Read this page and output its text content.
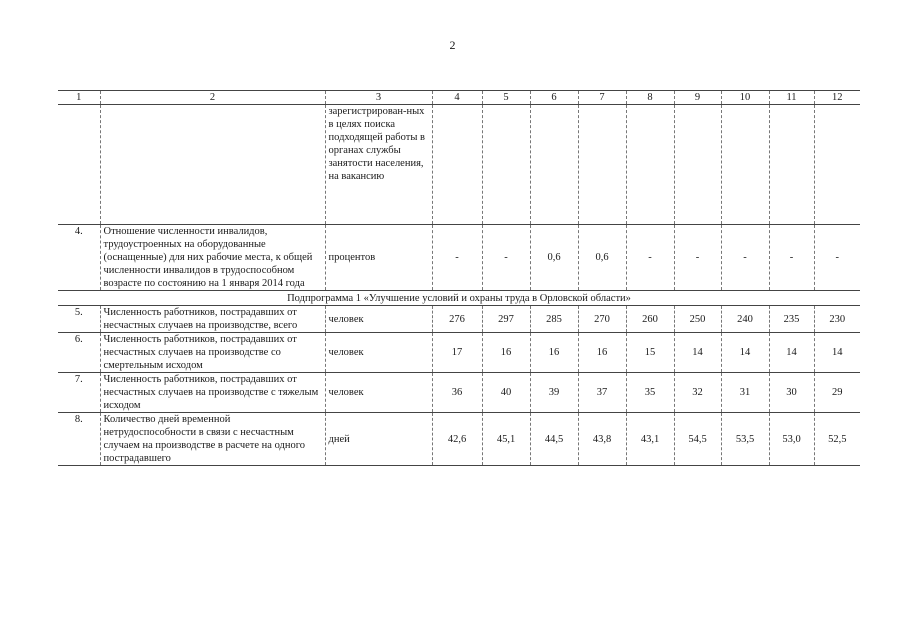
2
1	2	3	4	5	6	7	8	9	10	11	12
		зарегистрирован-ных в целях поиска подходящей работы в органах службы занятости населения, на вакансию									
4.	Отношение численности инвалидов, трудоустроенных на оборудованные (оснащенные) для них рабочие места, к общей численности инвалидов в трудоспособном возрасте по состоянию на 1 января 2014 года	процентов	-	-	0,6	0,6	-	-	-	-	-
Подпрограмма 1 «Улучшение условий и охраны труда в Орловской области»											
5.	Численность работников, пострадавших от несчастных случаев на производстве, всего	человек	276	297	285	270	260	250	240	235	230
6.	Численность работников, пострадавших от несчастных случаев на производстве со смертельным исходом	человек	17	16	16	16	15	14	14	14	14
7.	Численность работников, пострадавших от несчастных случаев на производстве с тяжелым исходом	человек	36	40	39	37	35	32	31	30	29
8.	Количество дней временной нетрудоспособности в связи с несчастным случаем на производстве в расчете на одного пострадавшего	дней	42,6	45,1	44,5	43,8	43,1	54,5	53,5	53,0	52,5
